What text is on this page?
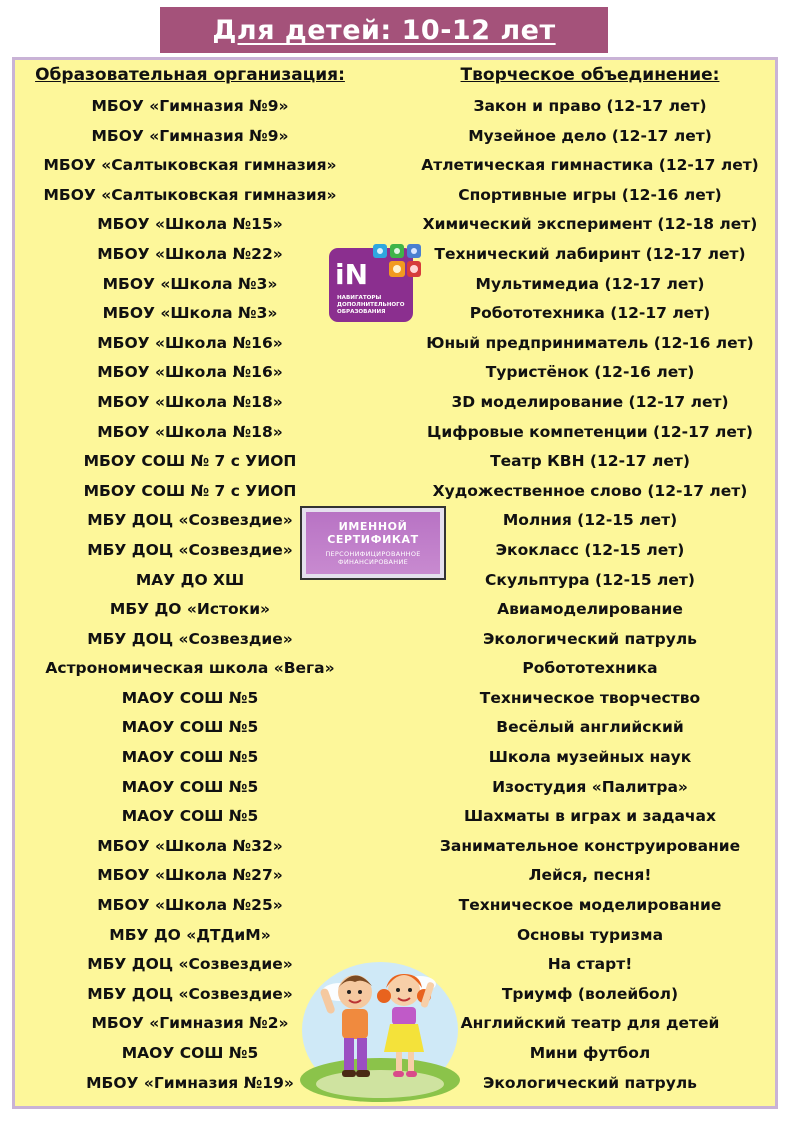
Для детей: 10-12 лет
Образовательная организация:	Творческое объединение:
МБОУ «Гимназия №9»	Закон и право (12-17 лет)
МБОУ «Гимназия №9»	Музейное дело (12-17 лет)
МБОУ «Салтыковская гимназия»	Атлетическая гимнастика (12-17 лет)
МБОУ «Салтыковская гимназия»	Спортивные игры (12-16 лет)
МБОУ «Школа №15»	Химический эксперимент (12-18 лет)
МБОУ «Школа №22»	Технический лабиринт (12-17 лет)
МБОУ «Школа №3»	Мультимедиа (12-17 лет)
МБОУ «Школа №3»	Робототехника (12-17 лет)
МБОУ «Школа №16»	Юный предприниматель (12-16 лет)
МБОУ «Школа №16»	Туристёнок (12-16 лет)
МБОУ «Школа №18»	3D моделирование (12-17 лет)
МБОУ «Школа №18»	Цифровые компетенции (12-17 лет)
МБОУ СОШ № 7 с УИОП	Театр КВН (12-17 лет)
МБОУ СОШ № 7 с УИОП	Художественное слово (12-17 лет)
МБУ ДОЦ «Созвездие»	Молния (12-15 лет)
МБУ ДОЦ «Созвездие»	Экокласс (12-15 лет)
МАУ ДО ХШ	Скульптура (12-15 лет)
МБУ ДО «Истоки»	Авиамоделирование
МБУ ДОЦ «Созвездие»	Экологический патруль
Астрономическая школа «Вега»	Робототехника
МАОУ СОШ №5	Техническое творчество
МАОУ СОШ №5	Весёлый английский
МАОУ СОШ №5	Школа музейных наук
МАОУ СОШ №5	Изостудия «Палитра»
МАОУ СОШ №5	Шахматы в играх и задачах
МБОУ «Школа №32»	Занимательное конструирование
МБОУ «Школа №27»	Лейся, песня!
МБОУ «Школа №25»	Техническое моделирование
МБУ ДО «ДТДиМ»	Основы туризма
МБУ ДОЦ «Созвездие»	На старт!
МБУ ДОЦ «Созвездие»	Триумф (волейбол)
МБОУ «Гимназия №2»	Английский театр для детей
МАОУ СОШ №5	Мини футбол
МБОУ «Гимназия №19»	Экологический патруль
iN
НАВИГАТОРЫ
ДОПОЛНИТЕЛЬНОГО
ОБРАЗОВАНИЯ
ИМЕННОЙ СЕРТИФИКАТ
ПЕРСОНИФИЦИРОВАННОЕ ФИНАНСИРОВАНИЕ
